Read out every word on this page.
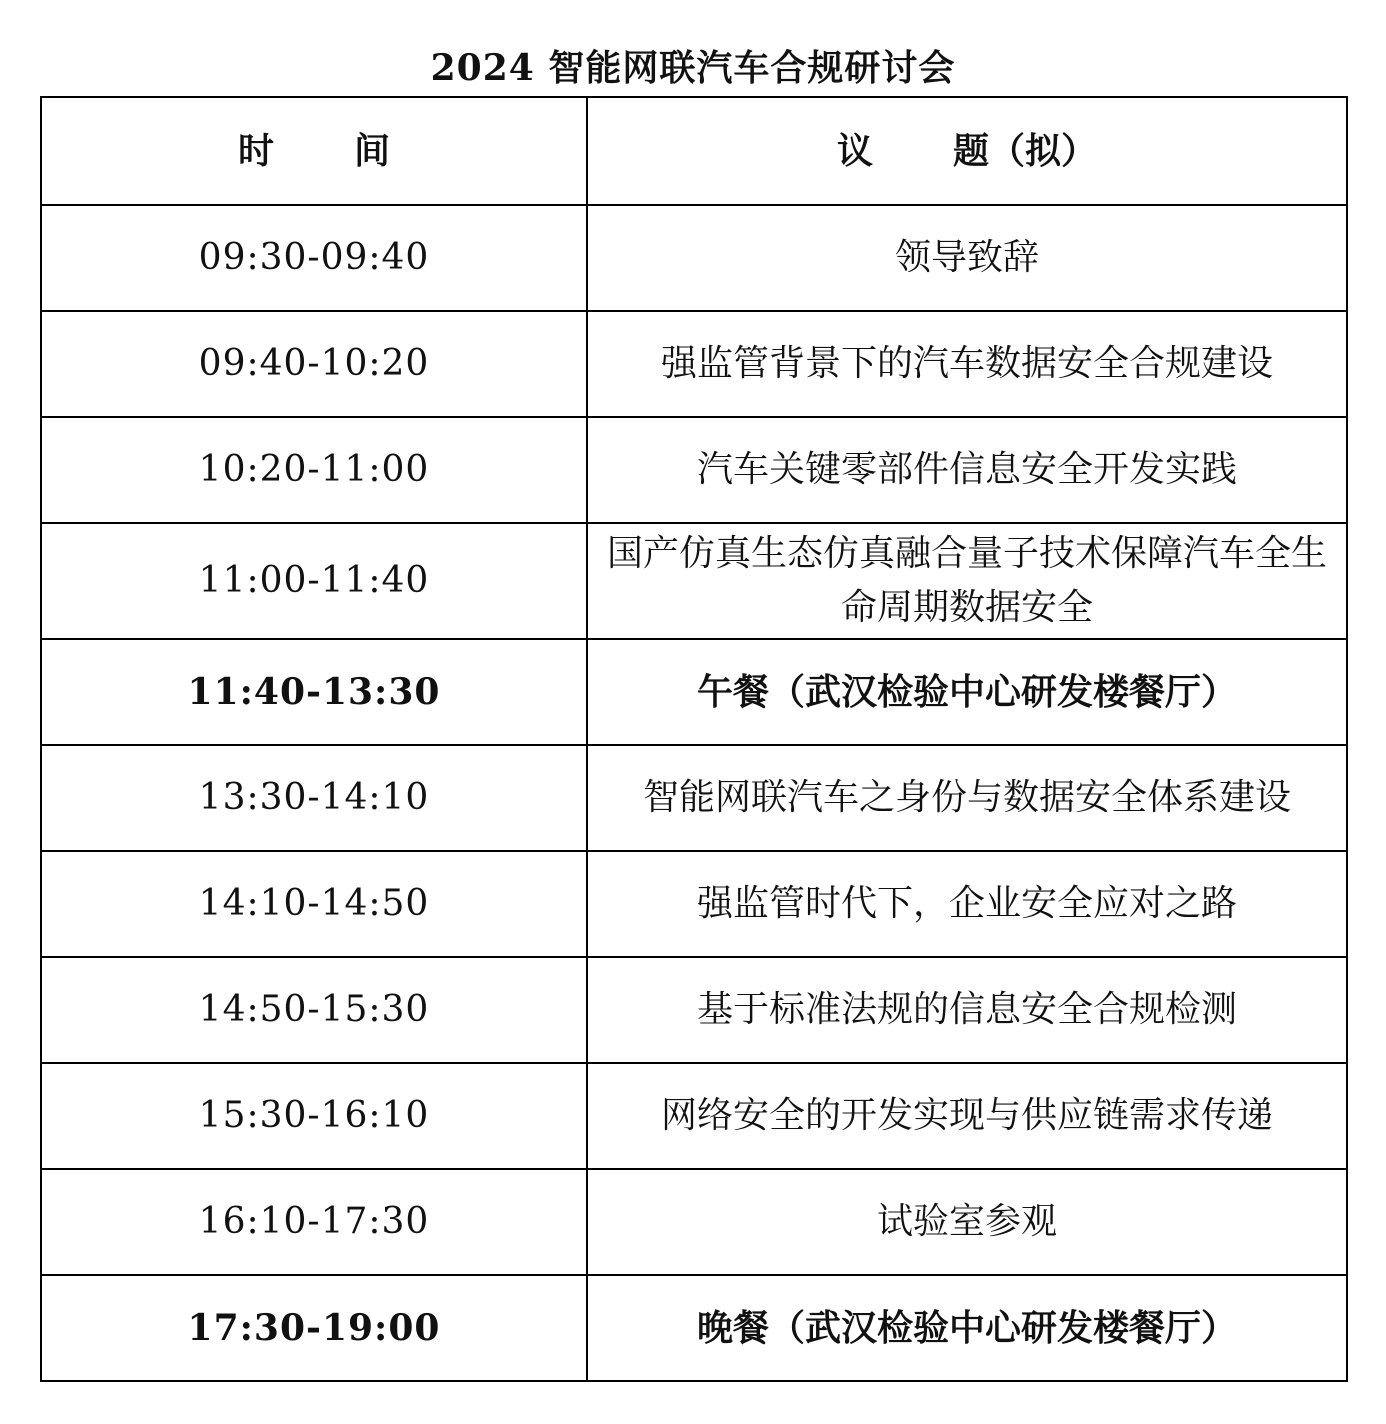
2024 智能网联汽车合规研讨会
时 间	议 题（拟）
09:30-09:40	领导致辞
09:40-10:20	强监管背景下的汽车数据安全合规建设
10:20-11:00	汽车关键零部件信息安全开发实践
11:00-11:40	国产仿真生态仿真融合量子技术保障汽车全生命周期数据安全
11:40-13:30	午餐（武汉检验中心研发楼餐厅）
13:30-14:10	智能网联汽车之身份与数据安全体系建设
14:10-14:50	强监管时代下，企业安全应对之路
14:50-15:30	基于标准法规的信息安全合规检测
15:30-16:10	网络安全的开发实现与供应链需求传递
16:10-17:30	试验室参观
17:30-19:00	晚餐（武汉检验中心研发楼餐厅）
